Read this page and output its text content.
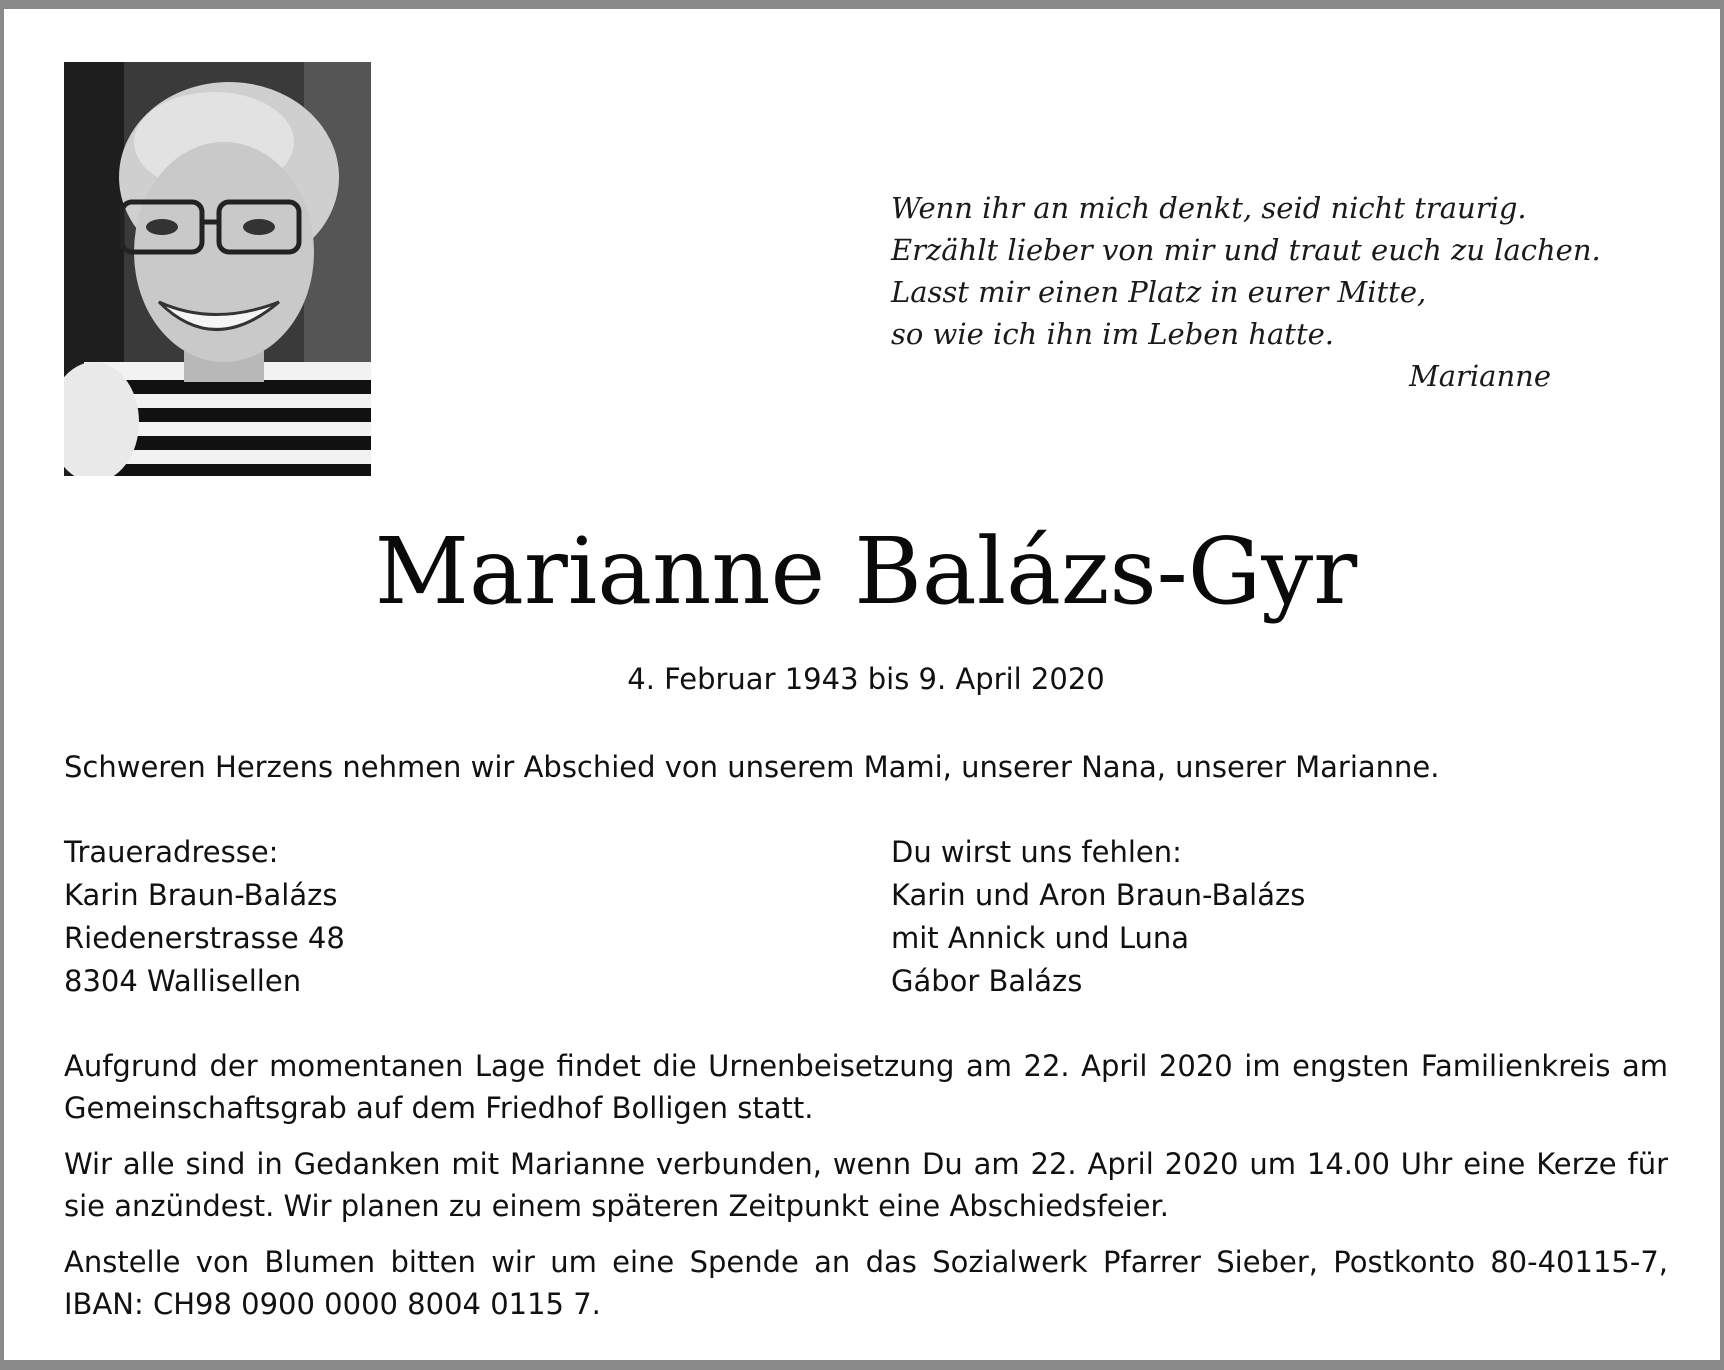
Wenn ihr an mich denkt, seid nicht traurig.
Erzählt lieber von mir und traut euch zu lachen.
Lasst mir einen Platz in eurer Mitte,
so wie ich ihn im Leben hatte.
Marianne
Marianne Balázs-Gyr
4. Februar 1943 bis 9. April 2020
Schweren Herzens nehmen wir Abschied von unserem Mami, unserer Nana, unserer Marianne.
Traueradresse:
Karin Braun-Balázs
Riedenerstrasse 48
8304 Wallisellen
Du wirst uns fehlen:
Karin und Aron Braun-Balázs
mit Annick und Luna
Gábor Balázs
Aufgrund der momentanen Lage findet die Urnenbeisetzung am 22. April 2020 im engsten Familienkreis am Gemeinschaftsgrab auf dem Friedhof Bolligen statt.
Wir alle sind in Gedanken mit Marianne verbunden, wenn Du am 22. April 2020 um 14.00 Uhr eine Kerze für sie anzündest. Wir planen zu einem späteren Zeitpunkt eine Abschiedsfeier.
Anstelle von Blumen bitten wir um eine Spende an das Sozialwerk Pfarrer Sieber, Postkonto 80-40115-7, IBAN: CH98 0900 0000 8004 0115 7.
